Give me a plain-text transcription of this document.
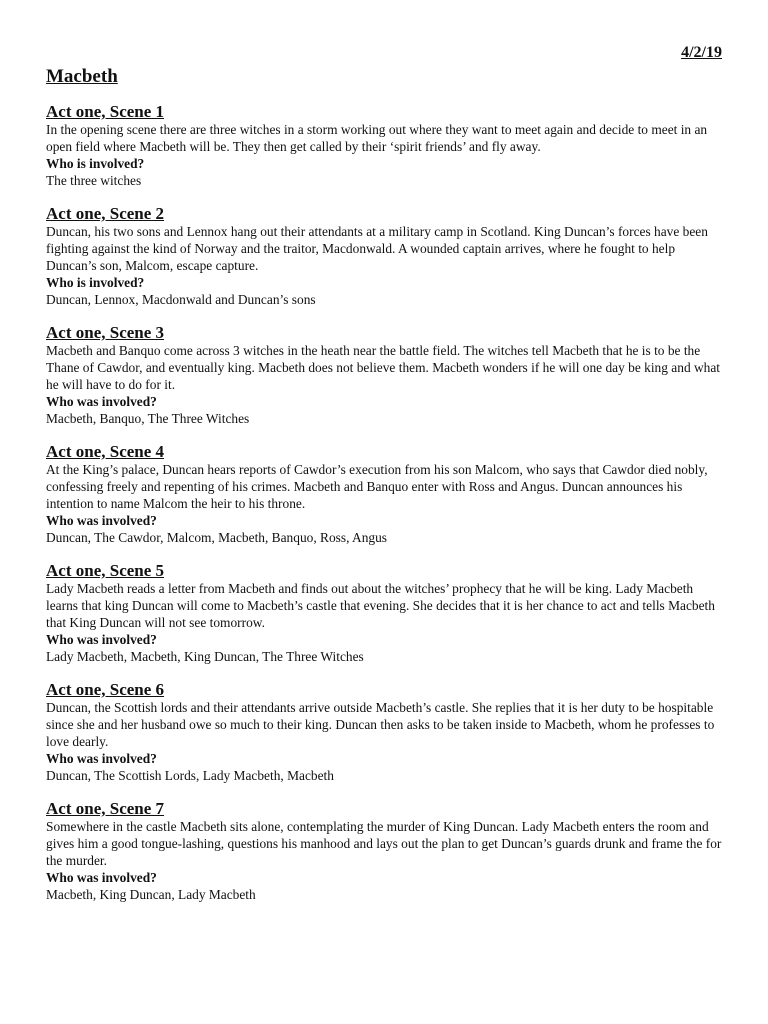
4/2/19
Macbeth
Act one, Scene 1

In the opening scene there are three witches in a storm working out where they want to meet again and decide to meet in an open field where Macbeth will be. They then get called by their ‘spirit friends’ and fly away.

Who is involved?
The three witches
Act one, Scene 2

Duncan, his two sons and Lennox hang out their attendants at a military camp in Scotland. King Duncan’s forces have been fighting against the kind of Norway and the traitor, Macdonwald. A wounded captain arrives, where he fought to help Duncan’s son, Malcom, escape capture.

Who is involved?
Duncan, Lennox, Macdonwald and Duncan’s sons
Act one, Scene 3

Macbeth and Banquo come across 3 witches in the heath near the battle field. The witches tell Macbeth that he is to be the Thane of Cawdor, and eventually king. Macbeth does not believe them. Macbeth wonders if he will one day be king and what he will have to do for it.

Who was involved?
Macbeth, Banquo, The Three Witches
Act one, Scene 4

At the King’s palace, Duncan hears reports of Cawdor’s execution from his son Malcom, who says that Cawdor died nobly, confessing freely and repenting of his crimes. Macbeth and Banquo enter with Ross and Angus. Duncan announces his intention to name Malcom the heir to his throne.

Who was involved?
Duncan, The Cawdor, Malcom, Macbeth, Banquo, Ross, Angus
Act one, Scene 5

Lady Macbeth reads a letter from Macbeth and finds out about the witches’ prophecy that he will be king. Lady Macbeth learns that king Duncan will come to Macbeth’s castle that evening. She decides that it is her chance to act and tells Macbeth that King Duncan will not see tomorrow.

Who was involved?
Lady Macbeth, Macbeth, King Duncan, The Three Witches
Act one, Scene 6

Duncan, the Scottish lords and their attendants arrive outside Macbeth’s castle. She replies that it is her duty to be hospitable since she and her husband owe so much to their king. Duncan then asks to be taken inside to Macbeth, whom he professes to love dearly.

Who was involved?
Duncan, The Scottish Lords, Lady Macbeth, Macbeth
Act one, Scene 7

Somewhere in the castle Macbeth sits alone, contemplating the murder of King Duncan. Lady Macbeth enters the room and gives him a good tongue-lashing, questions his manhood and lays out the plan to get Duncan’s guards drunk and frame the for the murder.

Who was involved?
Macbeth, King Duncan, Lady Macbeth
